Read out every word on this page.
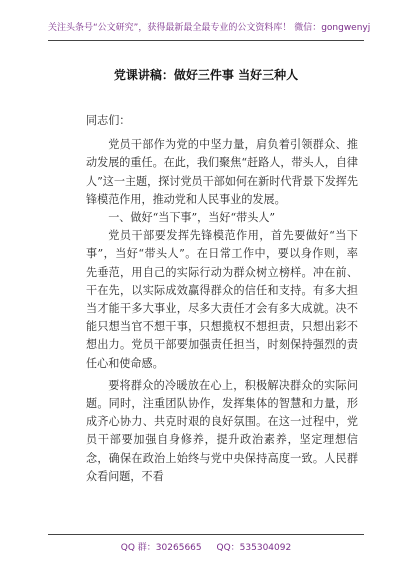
关注头条号“公文研究”，获得最新最全最专业的公文资料库！ 微信：gongwenyj
党课讲稿：做好三件事 当好三种人

同志们：

党员干部作为党的中坚力量，肩负着引领群众、推动发展的重任。在此，我们聚焦“赶路人，带头人，自律人”这一主题，探讨党员干部如何在新时代背景下发挥先锋模范作用，推动党和人民事业的发展。

一、做好“当下事”，当好“带头人”

党员干部要发挥先锋模范作用，首先要做好“当下事”，当好“带头人”。在日常工作中，要以身作则，率先垂范，用自己的实际行动为群众树立榜样。冲在前、干在先，以实际成效赢得群众的信任和支持。有多大担当才能干多大事业，尽多大责任才会有多大成就。决不能只想当官不想干事，只想揽权不想担责，只想出彩不想出力。党员干部要加强责任担当，时刻保持强烈的责任心和使命感。

要将群众的冷暖放在心上，积极解决群众的实际问题。同时，注重团队协作，发挥集体的智慧和力量，形成齐心协力、共克时艰的良好氛围。在这一过程中，党员干部要加强自身修养，提升政治素养，坚定理想信念，确保在政治上始终与党中央保持高度一致。人民群众看问题，不看

QQ 群：30265665 QQ：535304092
